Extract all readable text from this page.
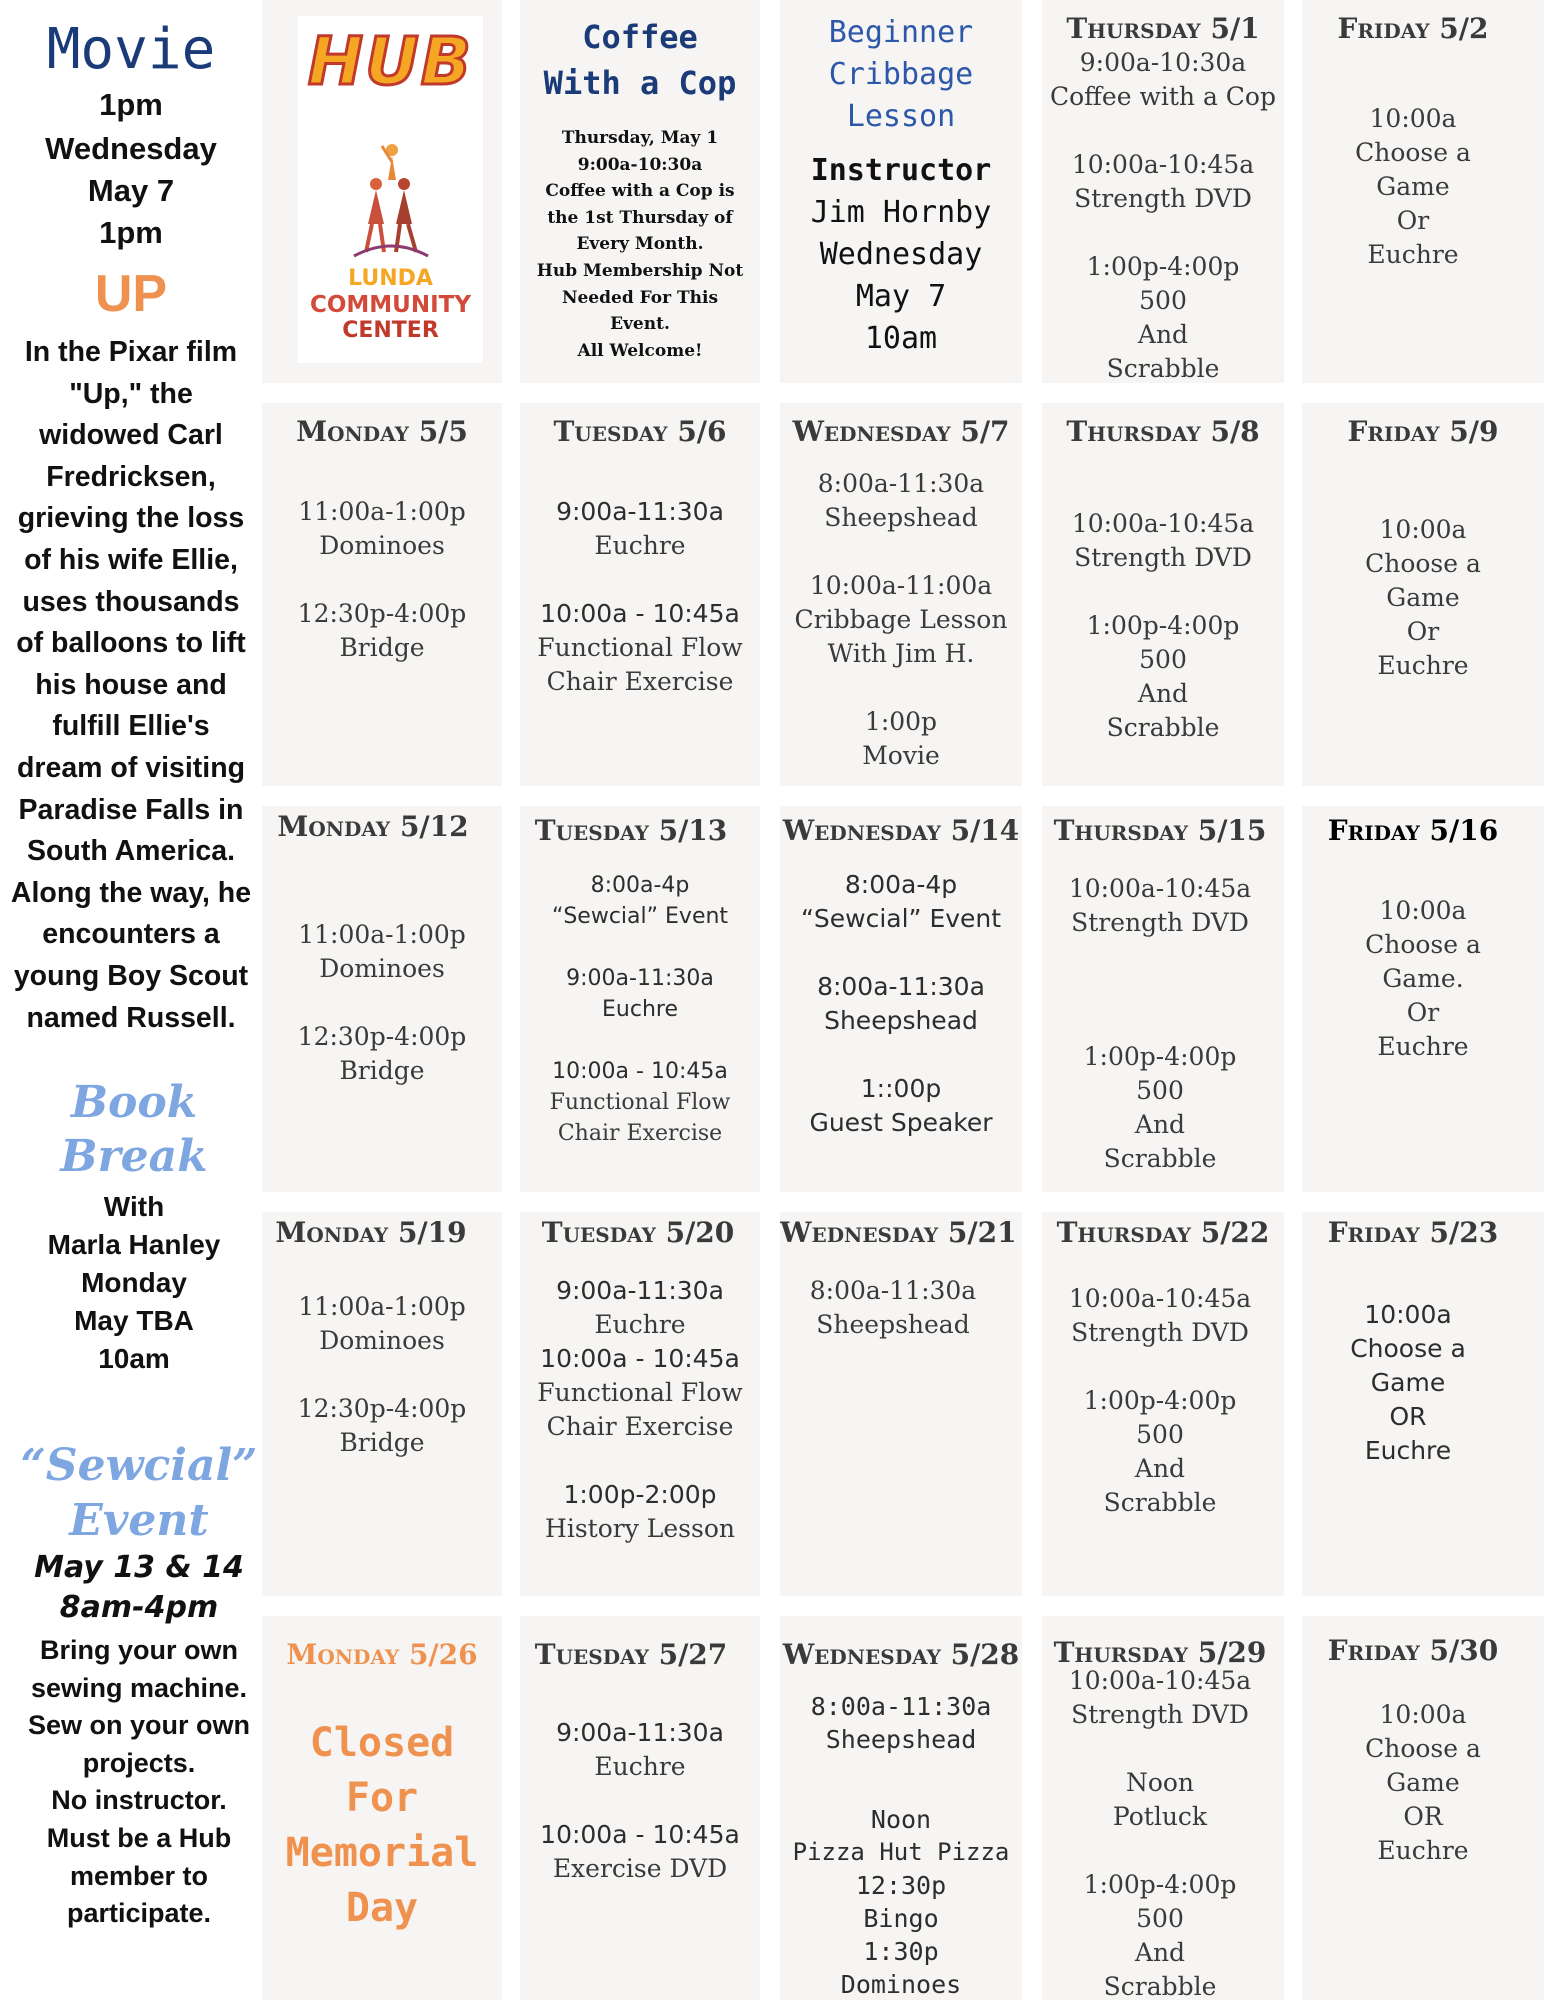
Movie
1pm
Wednesday
May 7
1pm
UP
In the Pixar film
"Up," the
widowed Carl
Fredricksen,
grieving the loss
of his wife Ellie,
uses thousands
of balloons to lift
his house and
fulfill Ellie's
dream of visiting
Paradise Falls in
South America.
Along the way, he
encounters a
young Boy Scout
named Russell.
Book
Break
With
Marla Hanley
Monday
May TBA
10am
“Sewcial”
Event
May 13 & 14
8am-4pm
Bring your own
sewing machine.
Sew on your own
projects.
No instructor.
Must be a Hub
member to
participate.
HUB
LUNDA
COMMUNITY
CENTER
Coffee
With a Cop
Thursday, May 1
9:00a-10:30a
Coffee with a Cop is
the 1st Thursday of
Every Month.
Hub Membership Not
Needed For This
Event.
All Welcome!
Beginner
Cribbage
Lesson
Instructor
Jim Hornby
Wednesday
May 7
10am
Thursday 5/1
9:00a-10:30a
Coffee with a Cop

10:00a-10:45a
Strength DVD

1:00p-4:00p
500
And
Scrabble
Friday 5/2
10:00a
Choose a
Game
Or
Euchre
Monday 5/5
11:00a-1:00p
Dominoes

12:30p-4:00p
Bridge
Tuesday 5/6
9:00a-11:30a
Euchre

10:00a - 10:45a
Functional Flow
Chair Exercise
Wednesday 5/7
8:00a-11:30a
Sheepshead

10:00a-11:00a
Cribbage Lesson
With Jim H.

1:00p
Movie
Thursday 5/8
10:00a-10:45a
Strength DVD

1:00p-4:00p
500
And
Scrabble
Friday 5/9
10:00a
Choose a
Game
Or
Euchre
Monday 5/12
11:00a-1:00p
Dominoes

12:30p-4:00p
Bridge
Tuesday 5/13
8:00a-4p
“Sewcial” Event

9:00a-11:30a
Euchre

10:00a - 10:45a
Functional Flow
Chair Exercise
Wednesday 5/14
8:00a-4p
“Sewcial” Event

8:00a-11:30a
Sheepshead

1::00p
Guest Speaker
Thursday 5/15
10:00a-10:45a
Strength DVD

1:00p-4:00p
500
And
Scrabble
Friday 5/16
10:00a
Choose a
Game.
Or
Euchre
Monday 5/19
11:00a-1:00p
Dominoes

12:30p-4:00p
Bridge
Tuesday 5/20
9:00a-11:30a
Euchre
10:00a - 10:45a
Functional Flow
Chair Exercise

1:00p-2:00p
History Lesson
Wednesday 5/21
8:00a-11:30a
Sheepshead
Thursday 5/22
10:00a-10:45a
Strength DVD

1:00p-4:00p
500
And
Scrabble
Friday 5/23
10:00a
Choose a
Game
OR
Euchre
Monday 5/26
Closed
For
Memorial
Day
Tuesday 5/27
9:00a-11:30a
Euchre

10:00a - 10:45a
Exercise DVD
Wednesday 5/28
8:00a-11:30a
Sheepshead

Noon
Pizza Hut Pizza
12:30p
Bingo
1:30p
Dominoes
Thursday 5/29
10:00a-10:45a
Strength DVD

Noon
Potluck

1:00p-4:00p
500
And
Scrabble
Friday 5/30
10:00a
Choose a
Game
OR
Euchre
